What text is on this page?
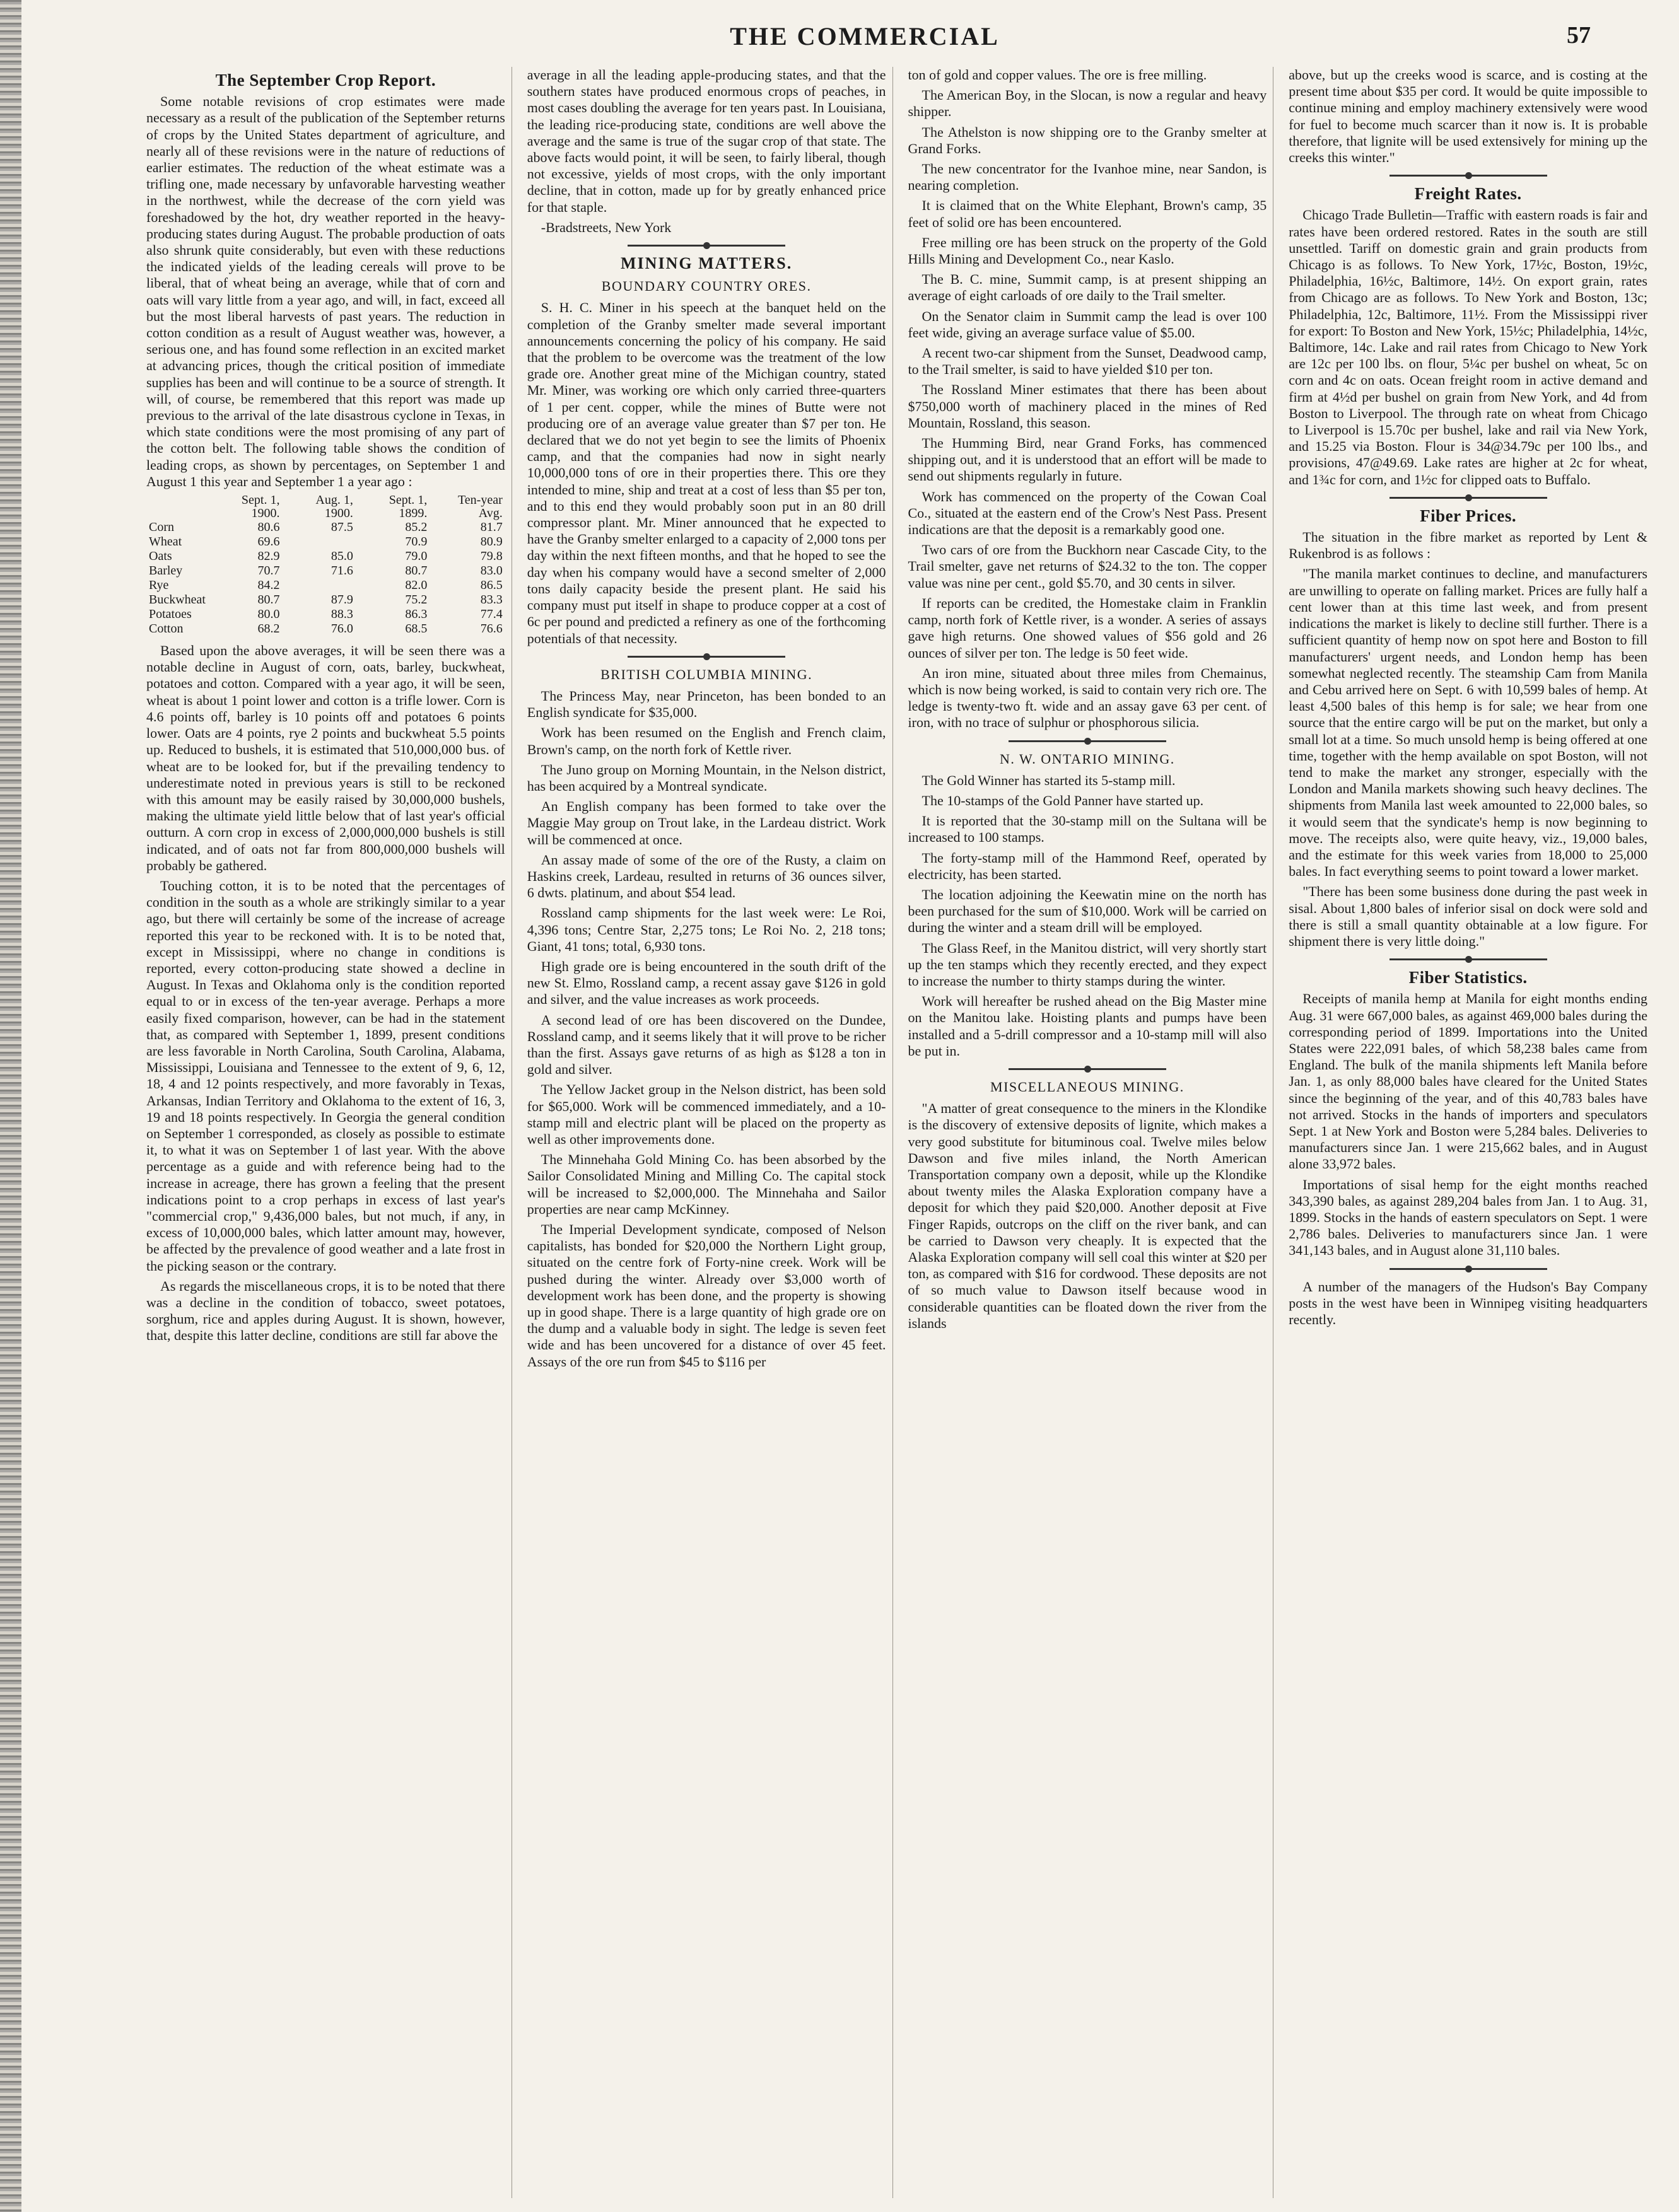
THE COMMERCIAL	57
The September Crop Report.

Some notable revisions of crop estimates were made necessary as a result of the publication of the September returns of crops by the United States department of agriculture, and nearly all of these revisions were in the nature of reductions of earlier estimates. The reduction of the wheat estimate was a trifling one, made necessary by unfavorable harvesting weather in the northwest, while the decrease of the corn yield was foreshadowed by the hot, dry weather reported in the heavy-producing states during August. The probable production of oats also shrunk quite considerably, but even with these reductions the indicated yields of the leading cereals will prove to be liberal, that of wheat being an average, while that of corn and oats will vary little from a year ago, and will, in fact, exceed all but the most liberal harvests of past years. The reduction in cotton condition as a result of August weather was, however, a serious one, and has found some reflection in an excited market at advancing prices, though the critical position of immediate supplies has been and will continue to be a source of strength. It will, of course, be remembered that this report was made up previous to the arrival of the late disastrous cyclone in Texas, in which state conditions were the most promising of any part of the cotton belt. The following table shows the condition of leading crops, as shown by percentages, on September 1 and August 1 this year and September 1 a year ago :

	Sept. 1, 1900.	Aug. 1, 1900.	Sept. 1, 1899.	Ten-year Avg.
Corn	80.6	87.5	85.2	81.7
Wheat	69.6		70.9	80.9
Oats	82.9	85.0	79.0	79.8
Barley	70.7	71.6	80.7	83.0
Rye	84.2		82.0	86.5
Buckwheat	80.7	87.9	75.2	83.3
Potatoes	80.0	88.3	86.3	77.4
Cotton	68.2	76.0	68.5	76.6

Based upon the above averages, it will be seen there was a notable decline in August of corn, oats, barley, buckwheat, potatoes and cotton. Compared with a year ago, it will be seen, wheat is about 1 point lower and cotton is a trifle lower. Corn is 4.6 points off, barley is 10 points off and potatoes 6 points lower. Oats are 4 points, rye 2 points and buckwheat 5.5 points up. Reduced to bushels, it is estimated that 510,000,000 bus. of wheat are to be looked for, but if the prevailing tendency to underestimate noted in previous years is still to be reckoned with this amount may be easily raised by 30,000,000 bushels, making the ultimate yield little below that of last year's official outturn. A corn crop in excess of 2,000,000,000 bushels is still indicated, and of oats not far from 800,000,000 bushels will probably be gathered.

Touching cotton, it is to be noted that the percentages of condition in the south as a whole are strikingly similar to a year ago, but there will certainly be some of the increase of acreage reported this year to be reckoned with. It is to be noted that, except in Mississippi, where no change in conditions is reported, every cotton-producing state showed a decline in August. In Texas and Oklahoma only is the condition reported equal to or in excess of the ten-year average. Perhaps a more easily fixed comparison, however, can be had in the statement that, as compared with September 1, 1899, present conditions are less favorable in North Carolina, South Carolina, Alabama, Mississippi, Louisiana and Tennessee to the extent of 9, 6, 12, 18, 4 and 12 points respectively, and more favorably in Texas, Arkansas, Indian Territory and Oklahoma to the extent of 16, 3, 19 and 18 points respectively. In Georgia the general condition on September 1 corresponded, as closely as possible to estimate it, to what it was on September 1 of last year. With the above percentage as a guide and with reference being had to the increase in acreage, there has grown a feeling that the present indications point to a crop perhaps in excess of last year's "commercial crop," 9,436,000 bales, but not much, if any, in excess of 10,000,000 bales, which latter amount may, however, be affected by the prevalence of good weather and a late frost in the picking season or the contrary.

As regards the miscellaneous crops, it is to be noted that there was a decline in the condition of tobacco, sweet potatoes, sorghum, rice and apples during August. It is shown, however, that, despite this latter decline, conditions are still far above the

average in all the leading apple-producing states, and that the southern states have produced enormous crops of peaches, in most cases doubling the average for ten years past. In Louisiana, the leading rice-producing state, conditions are well above the average and the same is true of the sugar crop of that state. The above facts would point, it will be seen, to fairly liberal, though not excessive, yields of most crops, with the only important decline, that in cotton, made up for by greatly enhanced price for that staple.

-Bradstreets, New York

MINING MATTERS.
BOUNDARY COUNTRY ORES.

S. H. C. Miner in his speech at the banquet held on the completion of the Granby smelter made several important announcements concerning the policy of his company. He said that the problem to be overcome was the treatment of the low grade ore. Another great mine of the Michigan country, stated Mr. Miner, was working ore which only carried three-quarters of 1 per cent. copper, while the mines of Butte were not producing ore of an average value greater than $7 per ton. He declared that we do not yet begin to see the limits of Phoenix camp, and that the companies had now in sight nearly 10,000,000 tons of ore in their properties there. This ore they intended to mine, ship and treat at a cost of less than $5 per ton, and to this end they would probably soon put in an 80 drill compressor plant. Mr. Miner announced that he expected to have the Granby smelter enlarged to a capacity of 2,000 tons per day within the next fifteen months, and that he hoped to see the day when his company would have a second smelter of 2,000 tons daily capacity beside the present plant. He said his company must put itself in shape to produce copper at a cost of 6c per pound and predicted a refinery as one of the forthcoming potentials of that necessity.

BRITISH COLUMBIA MINING.

The Princess May, near Princeton, has been bonded to an English syndicate for $35,000.

Work has been resumed on the English and French claim, Brown's camp, on the north fork of Kettle river.

The Juno group on Morning Mountain, in the Nelson district, has been acquired by a Montreal syndicate.

An English company has been formed to take over the Maggie May group on Trout lake, in the Lardeau district. Work will be commenced at once.

An assay made of some of the ore of the Rusty, a claim on Haskins creek, Lardeau, resulted in returns of 36 ounces silver, 6 dwts. platinum, and about $54 lead.

Rossland camp shipments for the last week were: Le Roi, 4,396 tons; Centre Star, 2,275 tons; Le Roi No. 2, 218 tons; Giant, 41 tons; total, 6,930 tons.

High grade ore is being encountered in the south drift of the new St. Elmo, Rossland camp, a recent assay gave $126 in gold and silver, and the value increases as work proceeds.

A second lead of ore has been discovered on the Dundee, Rossland camp, and it seems likely that it will prove to be richer than the first. Assays gave returns of as high as $128 a ton in gold and silver.

The Yellow Jacket group in the Nelson district, has been sold for $65,000. Work will be commenced immediately, and a 10-stamp mill and electric plant will be placed on the property as well as other improvements done.

The Minnehaha Gold Mining Co. has been absorbed by the Sailor Consolidated Mining and Milling Co. The capital stock will be increased to $2,000,000. The Minnehaha and Sailor properties are near camp McKinney.

The Imperial Development syndicate, composed of Nelson capitalists, has bonded for $20,000 the Northern Light group, situated on the centre fork of Forty-nine creek. Work will be pushed during the winter. Already over $3,000 worth of development work has been done, and the property is showing up in good shape. There is a large quantity of high grade ore on the dump and a valuable body in sight. The ledge is seven feet wide and has been uncovered for a distance of over 45 feet. Assays of the ore run from $45 to $116 per

ton of gold and copper values. The ore is free milling.

The American Boy, in the Slocan, is now a regular and heavy shipper.

The Athelston is now shipping ore to the Granby smelter at Grand Forks.

The new concentrator for the Ivanhoe mine, near Sandon, is nearing completion.

It is claimed that on the White Elephant, Brown's camp, 35 feet of solid ore has been encountered.

Free milling ore has been struck on the property of the Gold Hills Mining and Development Co., near Kaslo.

The B. C. mine, Summit camp, is at present shipping an average of eight carloads of ore daily to the Trail smelter.

On the Senator claim in Summit camp the lead is over 100 feet wide, giving an average surface value of $5.00.

A recent two-car shipment from the Sunset, Deadwood camp, to the Trail smelter, is said to have yielded $10 per ton.

The Rossland Miner estimates that there has been about $750,000 worth of machinery placed in the mines of Red Mountain, Rossland, this season.

The Humming Bird, near Grand Forks, has commenced shipping out, and it is understood that an effort will be made to send out shipments regularly in future.

Work has commenced on the property of the Cowan Coal Co., situated at the eastern end of the Crow's Nest Pass. Present indications are that the deposit is a remarkably good one.

Two cars of ore from the Buckhorn near Cascade City, to the Trail smelter, gave net returns of $24.32 to the ton. The copper value was nine per cent., gold $5.70, and 30 cents in silver.

If reports can be credited, the Homestake claim in Franklin camp, north fork of Kettle river, is a wonder. A series of assays gave high returns. One showed values of $56 gold and 26 ounces of silver per ton. The ledge is 50 feet wide.

An iron mine, situated about three miles from Chemainus, which is now being worked, is said to contain very rich ore. The ledge is twenty-two ft. wide and an assay gave 63 per cent. of iron, with no trace of sulphur or phosphorous silicia.

N. W. ONTARIO MINING.

The Gold Winner has started its 5-stamp mill.

The 10-stamps of the Gold Panner have started up.

It is reported that the 30-stamp mill on the Sultana will be increased to 100 stamps.

The forty-stamp mill of the Hammond Reef, operated by electricity, has been started.

The location adjoining the Keewatin mine on the north has been purchased for the sum of $10,000. Work will be carried on during the winter and a steam drill will be employed.

The Glass Reef, in the Manitou district, will very shortly start up the ten stamps which they recently erected, and they expect to increase the number to thirty stamps during the winter.

Work will hereafter be rushed ahead on the Big Master mine on the Manitou lake. Hoisting plants and pumps have been installed and a 5-drill compressor and a 10-stamp mill will also be put in.

MISCELLANEOUS MINING.

"A matter of great consequence to the miners in the Klondike is the discovery of extensive deposits of lignite, which makes a very good substitute for bituminous coal. Twelve miles below Dawson and five miles inland, the North American Transportation company own a deposit, while up the Klondike about twenty miles the Alaska Exploration company have a deposit for which they paid $20,000. Another deposit at Five Finger Rapids, outcrops on the cliff on the river bank, and can be carried to Dawson very cheaply. It is expected that the Alaska Exploration company will sell coal this winter at $20 per ton, as compared with $16 for cordwood. These deposits are not of so much value to Dawson itself because wood in considerable quantities can be floated down the river from the islands

above, but up the creeks wood is scarce, and is costing at the present time about $35 per cord. It would be quite impossible to continue mining and employ machinery extensively were wood for fuel to become much scarcer than it now is. It is probable therefore, that lignite will be used extensively for mining up the creeks this winter."

Freight Rates.

Chicago Trade Bulletin—Traffic with eastern roads is fair and rates have been ordered restored. Rates in the south are still unsettled. Tariff on domestic grain and grain products from Chicago is as follows. To New York, 17½c, Boston, 19½c, Philadelphia, 16½c, Baltimore, 14½. On export grain, rates from Chicago are as follows. To New York and Boston, 13c; Philadelphia, 12c, Baltimore, 11½. From the Mississippi river for export: To Boston and New York, 15½c; Philadelphia, 14½c, Baltimore, 14c. Lake and rail rates from Chicago to New York are 12c per 100 lbs. on flour, 5¼c per bushel on wheat, 5c on corn and 4c on oats. Ocean freight room in active demand and firm at 4½d per bushel on grain from New York, and 4d from Boston to Liverpool. The through rate on wheat from Chicago to Liverpool is 15.70c per bushel, lake and rail via New York, and 15.25 via Boston. Flour is 34@34.79c per 100 lbs., and provisions, 47@49.69. Lake rates are higher at 2c for wheat, and 1¾c for corn, and 1½c for clipped oats to Buffalo.

Fiber Prices.

The situation in the fibre market as reported by Lent & Rukenbrod is as follows :

"The manila market continues to decline, and manufacturers are unwilling to operate on falling market. Prices are fully half a cent lower than at this time last week, and from present indications the market is likely to decline still further. There is a sufficient quantity of hemp now on spot here and Boston to fill manufacturers' urgent needs, and London hemp has been somewhat neglected recently. The steamship Cam from Manila and Cebu arrived here on Sept. 6 with 10,599 bales of hemp. At least 4,500 bales of this hemp is for sale; we hear from one source that the entire cargo will be put on the market, but only a small lot at a time. So much unsold hemp is being offered at one time, together with the hemp available on spot Boston, will not tend to make the market any stronger, especially with the London and Manila markets showing such heavy declines. The shipments from Manila last week amounted to 22,000 bales, so it would seem that the syndicate's hemp is now beginning to move. The receipts also, were quite heavy, viz., 19,000 bales, and the estimate for this week varies from 18,000 to 25,000 bales. In fact everything seems to point toward a lower market.

"There has been some business done during the past week in sisal. About 1,800 bales of inferior sisal on dock were sold and there is still a small quantity obtainable at a low figure. For shipment there is very little doing."

Fiber Statistics.

Receipts of manila hemp at Manila for eight months ending Aug. 31 were 667,000 bales, as against 469,000 bales during the corresponding period of 1899. Importations into the United States were 222,091 bales, of which 58,238 bales came from England. The bulk of the manila shipments left Manila before Jan. 1, as only 88,000 bales have cleared for the United States since the beginning of the year, and of this 40,783 bales have not arrived. Stocks in the hands of importers and speculators Sept. 1 at New York and Boston were 5,284 bales. Deliveries to manufacturers since Jan. 1 were 215,662 bales, and in August alone 33,972 bales.

Importations of sisal hemp for the eight months reached 343,390 bales, as against 289,204 bales from Jan. 1 to Aug. 31, 1899. Stocks in the hands of eastern speculators on Sept. 1 were 2,786 bales. Deliveries to manufacturers since Jan. 1 were 341,143 bales, and in August alone 31,110 bales.

A number of the managers of the Hudson's Bay Company posts in the west have been in Winnipeg visiting headquarters recently.
